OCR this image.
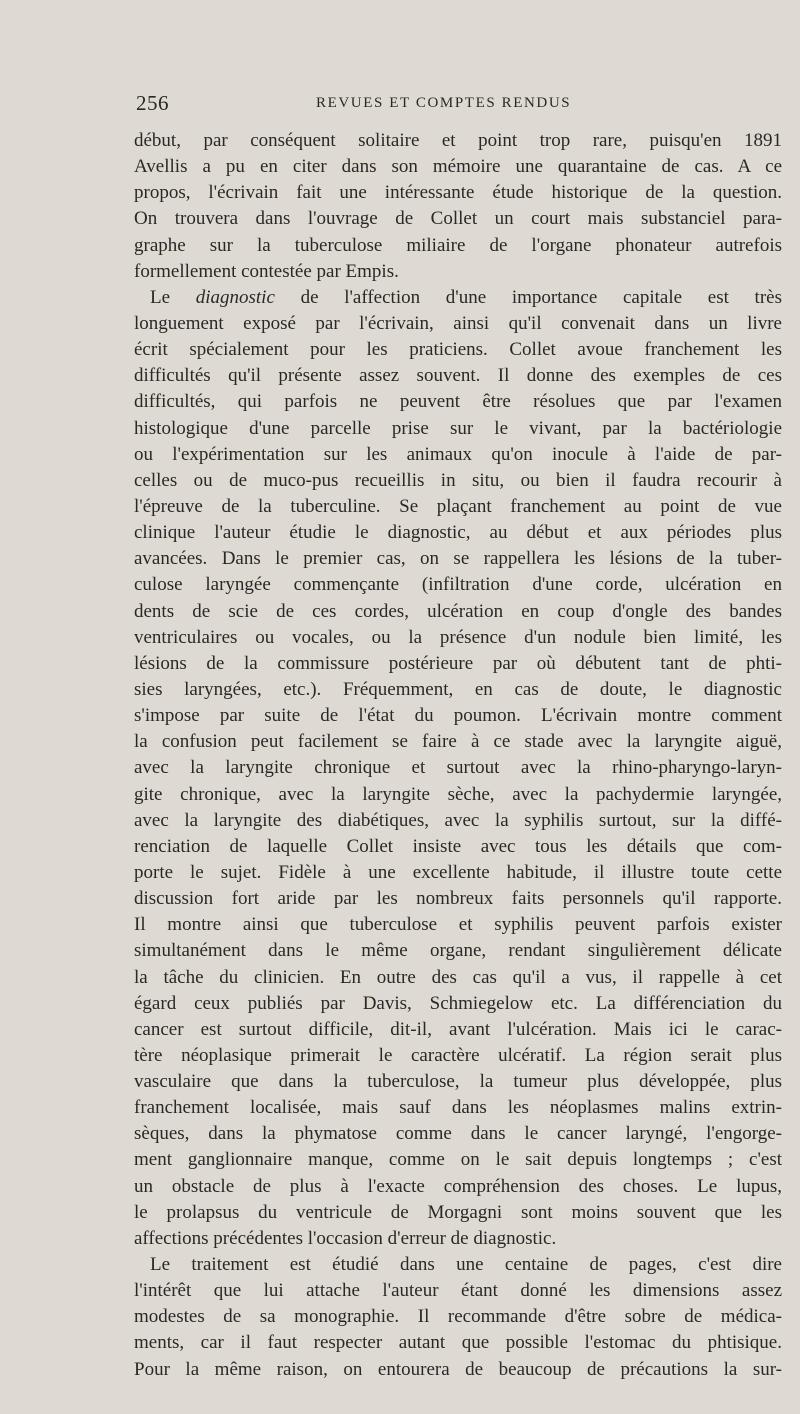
256	REVUES ET COMPTES RENDUS
début, par conséquent solitaire et point trop rare, puisqu'en 1891
Avellis a pu en citer dans son mémoire une quarantaine de cas. A ce
propos, l'écrivain fait une intéressante étude historique de la question.
On trouvera dans l'ouvrage de Collet un court mais substanciel para-
graphe sur la tuberculose miliaire de l'organe phonateur autrefois
formellement contestée par Empis.
Le diagnostic de l'affection d'une importance capitale est très
longuement exposé par l'écrivain, ainsi qu'il convenait dans un livre
écrit spécialement pour les praticiens. Collet avoue franchement les
difficultés qu'il présente assez souvent. Il donne des exemples de ces
difficultés, qui parfois ne peuvent être résolues que par l'examen
histologique d'une parcelle prise sur le vivant, par la bactériologie
ou l'expérimentation sur les animaux qu'on inocule à l'aide de par-
celles ou de muco-pus recueillis in situ, ou bien il faudra recourir à
l'épreuve de la tuberculine. Se plaçant franchement au point de vue
clinique l'auteur étudie le diagnostic, au début et aux périodes plus
avancées. Dans le premier cas, on se rappellera les lésions de la tuber-
culose laryngée commençante (infiltration d'une corde, ulcération en
dents de scie de ces cordes, ulcération en coup d'ongle des bandes
ventriculaires ou vocales, ou la présence d'un nodule bien limité, les
lésions de la commissure postérieure par où débutent tant de phti-
sies laryngées, etc.). Fréquemment, en cas de doute, le diagnostic
s'impose par suite de l'état du poumon. L'écrivain montre comment
la confusion peut facilement se faire à ce stade avec la laryngite aiguë,
avec la laryngite chronique et surtout avec la rhino-pharyngo-laryn-
gite chronique, avec la laryngite sèche, avec la pachydermie laryngée,
avec la laryngite des diabétiques, avec la syphilis surtout, sur la diffé-
renciation de laquelle Collet insiste avec tous les détails que com-
porte le sujet. Fidèle à une excellente habitude, il illustre toute cette
discussion fort aride par les nombreux faits personnels qu'il rapporte.
Il montre ainsi que tuberculose et syphilis peuvent parfois exister
simultanément dans le même organe, rendant singulièrement délicate
la tâche du clinicien. En outre des cas qu'il a vus, il rappelle à cet
égard ceux publiés par Davis, Schmiegelow etc. La différenciation du
cancer est surtout difficile, dit-il, avant l'ulcération. Mais ici le carac-
tère néoplasique primerait le caractère ulcératif. La région serait plus
vasculaire que dans la tuberculose, la tumeur plus développée, plus
franchement localisée, mais sauf dans les néoplasmes malins extrin-
sèques, dans la phymatose comme dans le cancer laryngé, l'engorge-
ment ganglionnaire manque, comme on le sait depuis longtemps ; c'est
un obstacle de plus à l'exacte compréhension des choses. Le lupus,
le prolapsus du ventricule de Morgagni sont moins souvent que les
affections précédentes l'occasion d'erreur de diagnostic.
Le traitement est étudié dans une centaine de pages, c'est dire
l'intérêt que lui attache l'auteur étant donné les dimensions assez
modestes de sa monographie. Il recommande d'être sobre de médica-
ments, car il faut respecter autant que possible l'estomac du phtisique.
Pour la même raison, on entourera de beaucoup de précautions la sur-
